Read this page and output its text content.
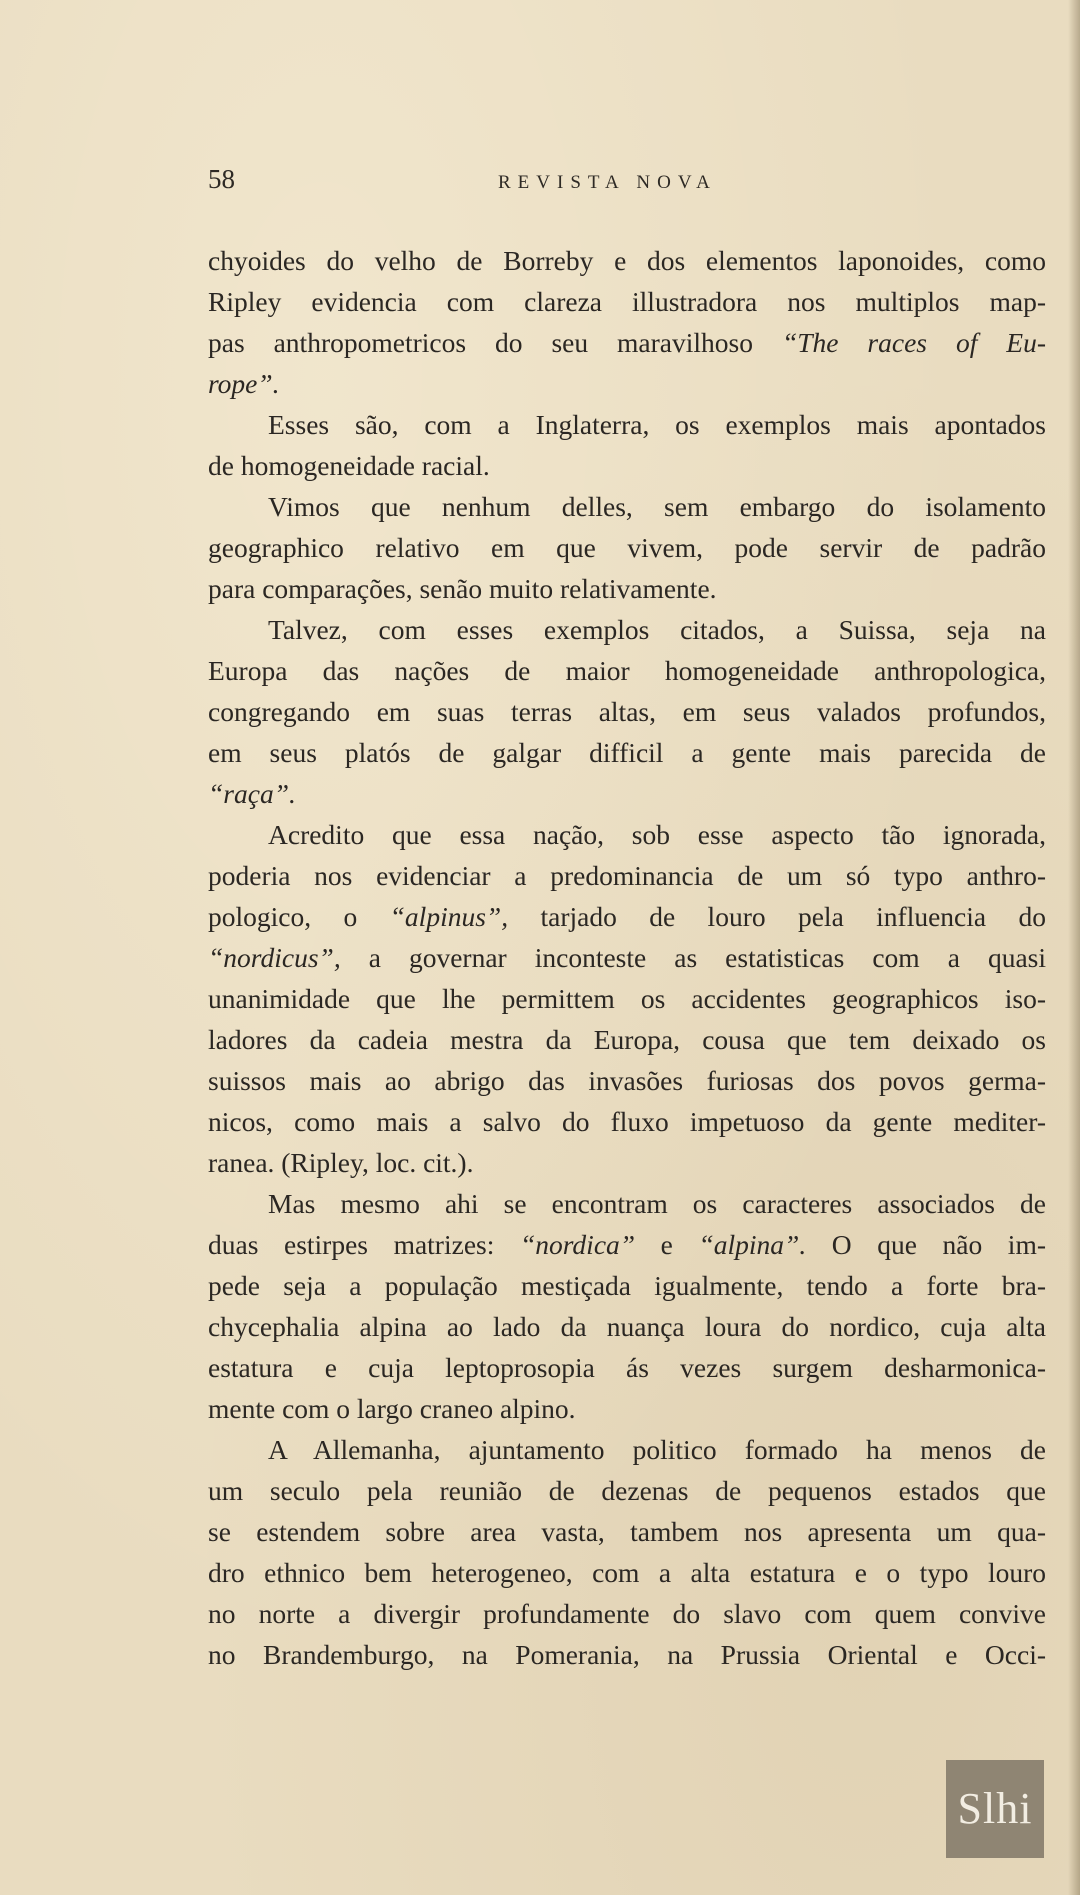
58	REVISTA NOVA
chyoides do velho de Borreby e dos elementos laponoides, como
Ripley evidencia com clareza illustradora nos multiplos map-
pas anthropometricos do seu maravilhoso “The races of Eu-
rope”.
Esses são, com a Inglaterra, os exemplos mais apontados
de homogeneidade racial.
Vimos que nenhum delles, sem embargo do isolamento
geographico relativo em que vivem, pode servir de padrão
para comparações, senão muito relativamente.
Talvez, com esses exemplos citados, a Suissa, seja na
Europa das nações de maior homogeneidade anthropologica,
congregando em suas terras altas, em seus valados profundos,
em seus platós de galgar difficil a gente mais parecida de
“raça”.
Acredito que essa nação, sob esse aspecto tão ignorada,
poderia nos evidenciar a predominancia de um só typo anthro-
pologico, o “alpinus”, tarjado de louro pela influencia do
“nordicus”, a governar inconteste as estatisticas com a quasi
unanimidade que lhe permittem os accidentes geographicos iso-
ladores da cadeia mestra da Europa, cousa que tem deixado os
suissos mais ao abrigo das invasões furiosas dos povos germa-
nicos, como mais a salvo do fluxo impetuoso da gente mediter-
ranea. (Ripley, loc. cit.).
Mas mesmo ahi se encontram os caracteres associados de
duas estirpes matrizes: “nordica” e “alpina”. O que não im-
pede seja a população mestiçada igualmente, tendo a forte bra-
chycephalia alpina ao lado da nuança loura do nordico, cuja alta
estatura e cuja leptoprosopia ás vezes surgem desharmonica-
mente com o largo craneo alpino.
A Allemanha, ajuntamento politico formado ha menos de
um seculo pela reunião de dezenas de pequenos estados que
se estendem sobre area vasta, tambem nos apresenta um qua-
dro ethnico bem heterogeneo, com a alta estatura e o typo louro
no norte a divergir profundamente do slavo com quem convive
no Brandemburgo, na Pomerania, na Prussia Oriental e Occi-
Slhi
